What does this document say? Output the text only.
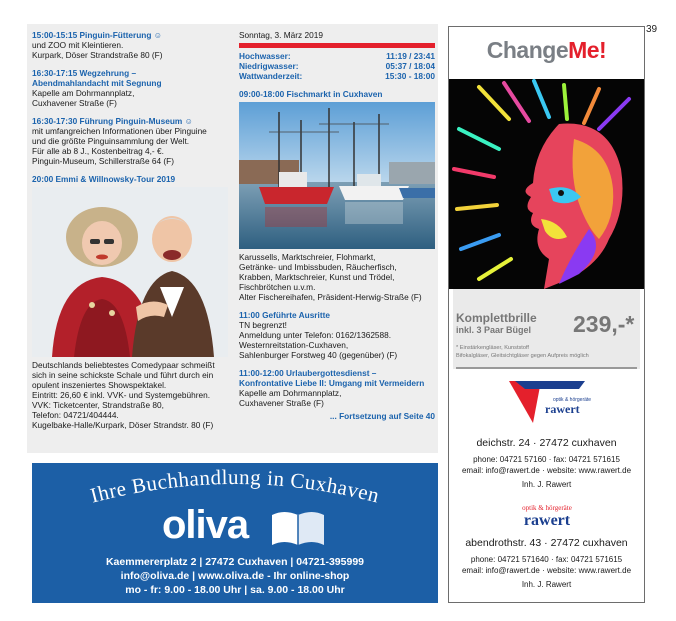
39
15:00-15:15 Pinguin-Fütterung ☺
und ZOO mit Kleintieren.
Kurpark, Döser Strandstraße 80 (F)
16:30-17:15 Wegzehrung –
Abendmahlandacht mit Segnung
Kapelle am Dohrmannplatz,
Cuxhavener Straße (F)
16:30-17:30 Führung Pinguin-Museum ☺
mit umfangreichen Informationen über Pinguine
und die größte Pinguinsammlung der Welt.
Für alle ab 8 J., Kostenbeitrag 4,- €.
Pinguin-Museum, Schillerstraße 64 (F)
20:00 Emmi & Willnowsky-Tour 2019
Deutschlands beliebtestes Comedypaar schmeißt
sich in seine schickste Schale und führt durch ein
opulent inszeniertes Showspektakel.
Eintritt: 26,60 € inkl. VVK- und Systemgebühren.
VVK: Ticketcenter, Strandstraße 80,
Telefon: 04721/404444.
Kugelbake-Halle/Kurpark, Döser Strandstr. 80 (F)
Sonntag, 3. März 2019
Hochwasser:	11:19 / 23:41
Niedrigwasser:	05:37 / 18:04
Wattwanderzeit:	15:30 - 18:00
09:00-18:00 Fischmarkt in Cuxhaven
Karussells, Marktschreier, Flohmarkt,
Getränke- und Imbissbuden, Räucherfisch,
Krabben, Marktschreier, Kunst und Trödel,
Fischbrötchen u.v.m.
Alter Fischereihafen, Präsident-Herwig-Straße (F)
11:00 Geführte Ausritte
TN begrenzt!
Anmeldung unter Telefon: 0162/1362588.
Westernreitstation-Cuxhaven,
Sahlenburger Forstweg 40 (gegenüber) (F)
11:00-12:00 Urlaubergottesdienst –
Konfrontative Liebe II: Umgang mit Vermeidern
Kapelle am Dohrmannplatz,
Cuxhavener Straße (F)
... Fortsetzung auf Seite 40
Ihre Buchhandlung in Cuxhaven
oliva
Kaemmererplatz 2 | 27472 Cuxhaven | 04721-395999
info@oliva.de | www.oliva.de - Ihr online-shop
mo - fr: 9.00 - 18.00 Uhr | sa. 9.00 - 18.00 Uhr
ChangeMe!
Komplettbrille
inkl. 3 Paar Bügel 239,-*
* Einstärkengläser, Kunststoff
Bifokalgläser, Gleitsichtgläser gegen Aufpreis möglich
optik & hörgeräte
rawert
deichstr. 24 · 27472 cuxhaven
phone: 04721 57160 · fax: 04721 571615
email: info@rawert.de · website: www.rawert.de
Inh. J. Rawert
optik & hörgeräte
rawert
abendrothstr. 43 · 27472 cuxhaven
phone: 04721 571640 · fax: 04721 571615
email: info@rawert.de · website: www.rawert.de
Inh. J. Rawert
